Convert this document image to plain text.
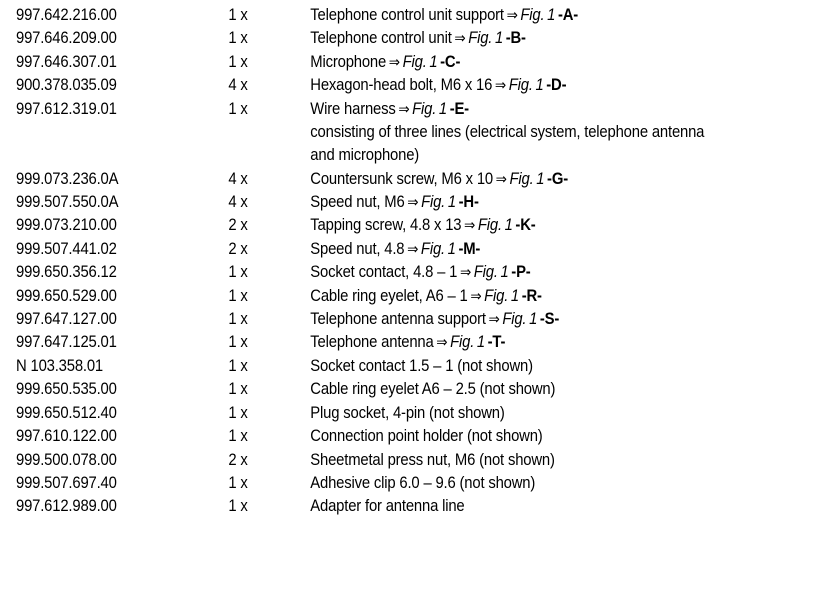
997.642.216.00	1 x	Telephone control unit support ⇒ Fig. 1 -A-
997.646.209.00	1 x	Telephone control unit ⇒ Fig. 1 -B-
997.646.307.01	1 x	Microphone ⇒ Fig. 1 -C-
900.378.035.09	4 x	Hexagon-head bolt, M6 x 16 ⇒ Fig. 1 -D-
997.612.319.01	1 x	Wire harness ⇒ Fig. 1 -E-
consisting of three lines (electrical system, telephone antenna
and microphone)
999.073.236.0A	4 x	Countersunk screw, M6 x 10 ⇒ Fig. 1 -G-
999.507.550.0A	4 x	Speed nut, M6 ⇒ Fig. 1 -H-
999.073.210.00	2 x	Tapping screw, 4.8 x 13 ⇒ Fig. 1 -K-
999.507.441.02	2 x	Speed nut, 4.8 ⇒ Fig. 1 -M-
999.650.356.12	1 x	Socket contact, 4.8 – 1 ⇒ Fig. 1 -P-
999.650.529.00	1 x	Cable ring eyelet, A6 – 1 ⇒ Fig. 1 -R-
997.647.127.00	1 x	Telephone antenna support ⇒ Fig. 1 -S-
997.647.125.01	1 x	Telephone antenna ⇒ Fig. 1 -T-
N 103.358.01	1 x	Socket contact 1.5 – 1 (not shown)
999.650.535.00	1 x	Cable ring eyelet A6 – 2.5 (not shown)
999.650.512.40	1 x	Plug socket, 4-pin (not shown)
997.610.122.00	1 x	Connection point holder (not shown)
999.500.078.00	2 x	Sheetmetal press nut, M6 (not shown)
999.507.697.40	1 x	Adhesive clip 6.0 – 9.6 (not shown)
997.612.989.00	1 x	Adapter for antenna line
